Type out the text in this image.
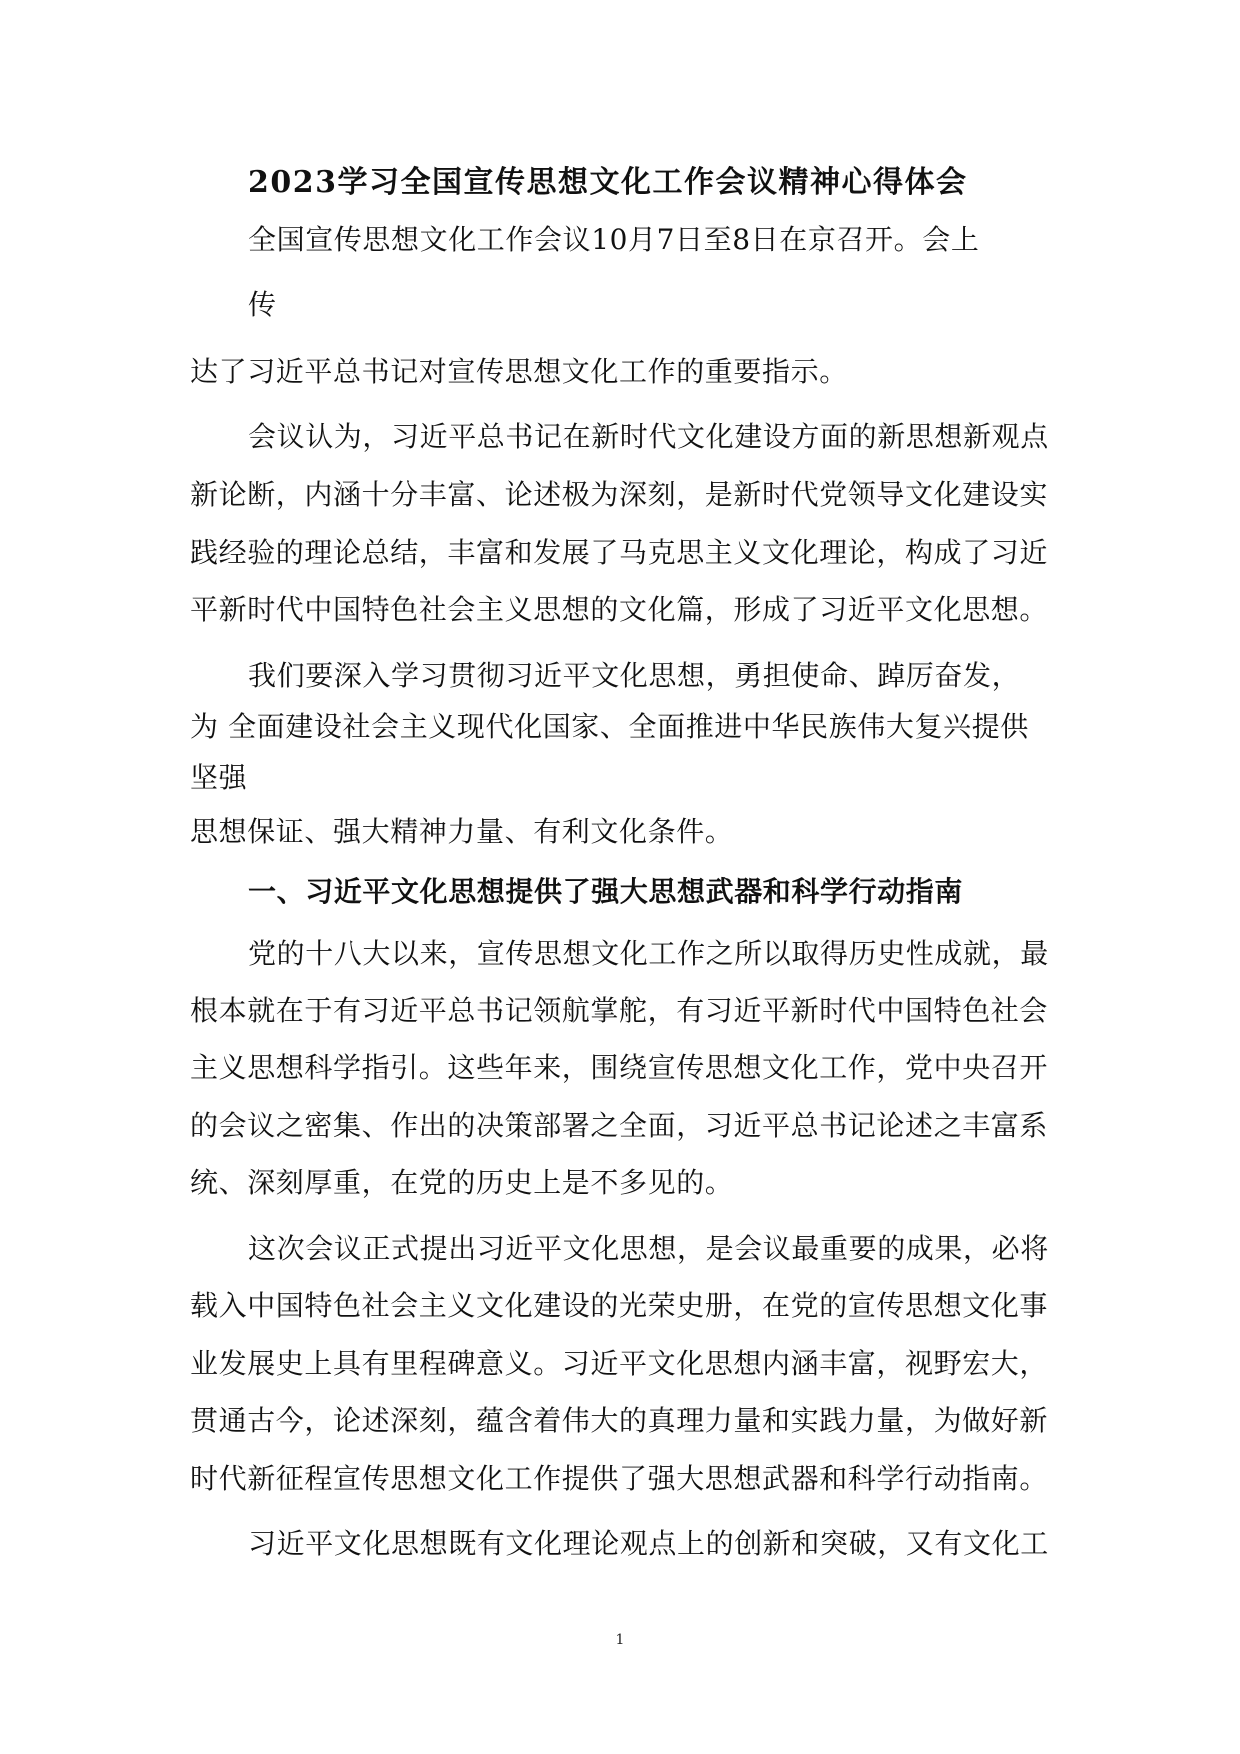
2023学习全国宣传思想文化工作会议精神心得体会
全国宣传思想文化工作会议10月7日至8日在京召开。会上
传
达了习近平总书记对宣传思想文化工作的重要指示。
会议认为，习近平总书记在新时代文化建设方面的新思想新观点
新论断，内涵十分丰富、论述极为深刻，是新时代党领导文化建设实
践经验的理论总结，丰富和发展了马克思主义文化理论，构成了习近
平新时代中国特色社会主义思想的文化篇，形成了习近平文化思想。
我们要深入学习贯彻习近平文化思想，勇担使命、踔厉奋发，
为 全面建设社会主义现代化国家、全面推进中华民族伟大复兴提供
坚强
思想保证、强大精神力量、有利文化条件。
一、习近平文化思想提供了强大思想武器和科学行动指南
党的十八大以来，宣传思想文化工作之所以取得历史性成就，最
根本就在于有习近平总书记领航掌舵，有习近平新时代中国特色社会
主义思想科学指引。这些年来，围绕宣传思想文化工作，党中央召开
的会议之密集、作出的决策部署之全面，习近平总书记论述之丰富系
统、深刻厚重，在党的历史上是不多见的。
这次会议正式提出习近平文化思想，是会议最重要的成果，必将
载入中国特色社会主义文化建设的光荣史册，在党的宣传思想文化事
业发展史上具有里程碑意义。习近平文化思想内涵丰富，视野宏大，
贯通古今，论述深刻，蕴含着伟大的真理力量和实践力量，为做好新
时代新征程宣传思想文化工作提供了强大思想武器和科学行动指南。
习近平文化思想既有文化理论观点上的创新和突破，又有文化工
1
